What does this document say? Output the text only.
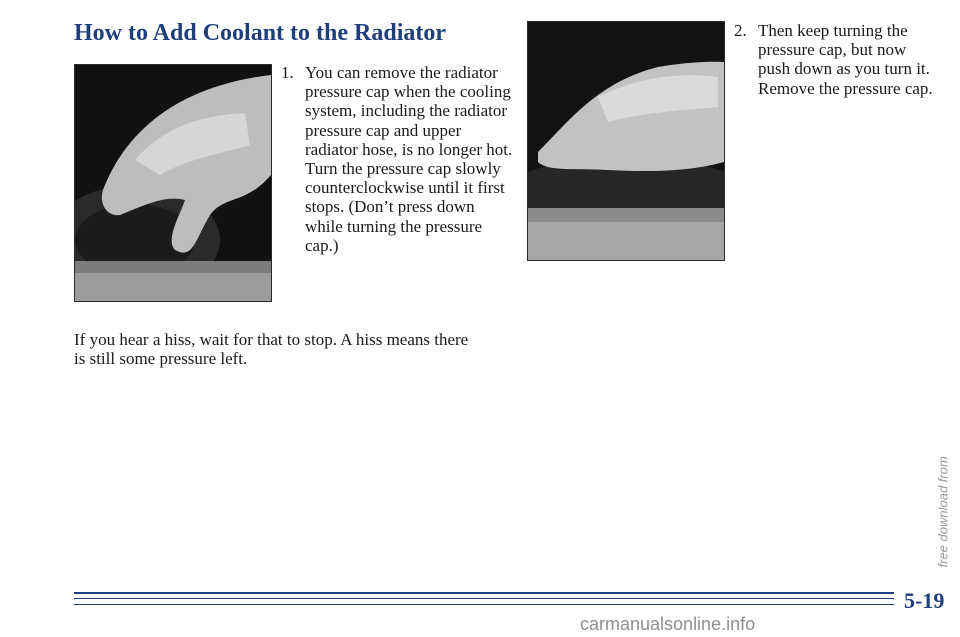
How to Add Coolant to the Radiator
1. You can remove the radiator pressure cap when the cooling system, including the radiator pressure cap and upper radiator hose, is no longer hot. Turn the pressure cap slowly counterclockwise until it first stops. (Don’t press down while turning the pressure cap.)
2. Then keep turning the pressure cap, but now push down as you turn it. Remove the pressure cap.
If you hear a hiss, wait for that to stop. A hiss means there is still some pressure left.
5-19
free download from
carmanualsonline.info
